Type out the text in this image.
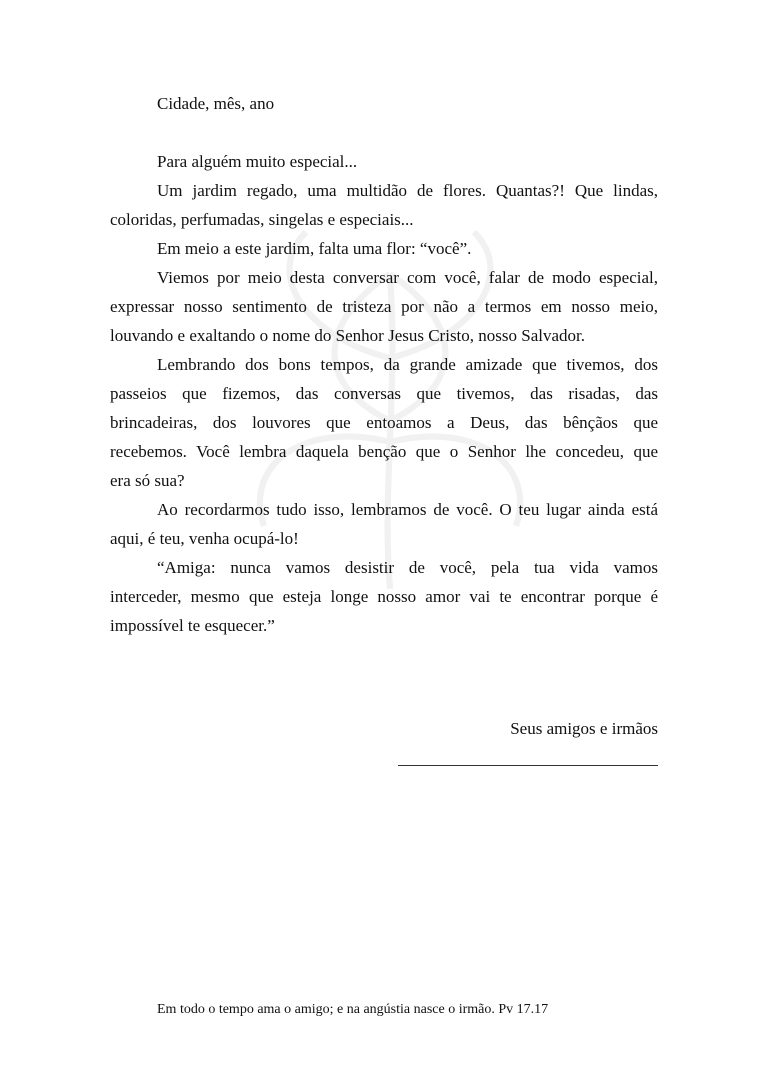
Cidade, mês, ano
Para alguém muito especial...
Um jardim regado, uma multidão de flores. Quantas?! Que lindas,
coloridas, perfumadas, singelas e especiais...
Em meio a este jardim, falta uma flor: “você”.
Viemos por meio desta conversar com você, falar de modo especial,
expressar nosso sentimento de tristeza por não a termos em nosso meio,
louvando e exaltando o nome do Senhor Jesus Cristo, nosso Salvador.
Lembrando dos bons tempos, da grande amizade que tivemos, dos
passeios que fizemos, das conversas que tivemos, das risadas, das
brincadeiras, dos louvores que entoamos a Deus, das bênçãos que
recebemos. Você lembra daquela benção que o Senhor lhe concedeu, que
era só sua?
Ao recordarmos tudo isso, lembramos de você. O teu lugar ainda está
aqui, é teu, venha ocupá-lo!
“Amiga: nunca vamos desistir de você, pela tua vida vamos
interceder, mesmo que esteja longe nosso amor vai te encontrar porque é
impossível te esquecer.”
Seus amigos e irmãos
Em todo o tempo ama o amigo; e na angústia nasce o irmão. Pv 17.17
